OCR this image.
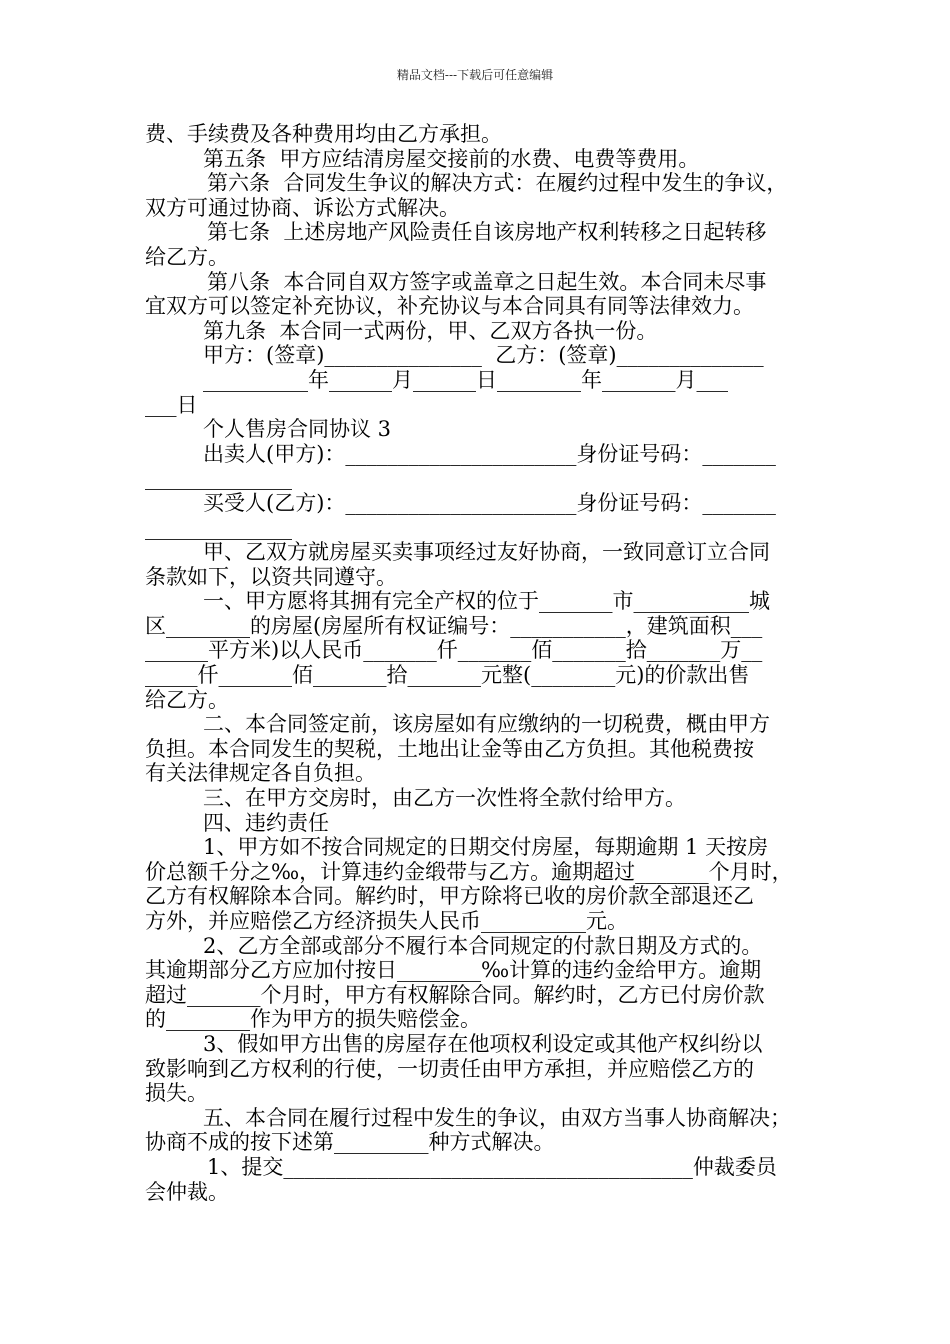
精品文档---下载后可任意编辑
费、手续费及各种费用均由乙方承担。
第五条  甲方应结清房屋交接前的水费、电费等费用。
第六条  合同发生争议的解决方式：在履约过程中发生的争议，
双方可通过协商、诉讼方式解决。
第七条  上述房地产风险责任自该房地产权利转移之日起转移
给乙方。
第八条  本合同自双方签字或盖章之日起生效。本合同未尽事
宜双方可以签定补充协议，补充协议与本合同具有同等法律效力。
第九条  本合同一式两份，甲、乙双方各执一份。
甲方：(签章)_______________  乙方：(签章)______________
__________年______月______日________年_______月___
___日
个人售房合同协议 3
出卖人(甲方)：______________________身份证号码：_______
______________
买受人(乙方)：______________________身份证号码：_______
______________
甲、乙双方就房屋买卖事项经过友好协商，一致同意订立合同
条款如下，以资共同遵守。
一、甲方愿将其拥有完全产权的位于_______市___________城
区________的房屋(房屋所有权证编号：___________，建筑面积___
______平方米)以人民币_______仟_______佰_______拾_______万__
_____仟_______佰_______拾_______元整(________元)的价款出售
给乙方。
二、本合同签定前，该房屋如有应缴纳的一切税费，概由甲方
负担。本合同发生的契税，土地出让金等由乙方负担。其他税费按
有关法律规定各自负担。
三、在甲方交房时，由乙方一次性将全款付给甲方。
四、违约责任
1、甲方如不按合同规定的日期交付房屋，每期逾期 1 天按房
价总额千分之‰，计算违约金缎带与乙方。逾期超过_______个月时，
乙方有权解除本合同。解约时，甲方除将已收的房价款全部退还乙
方外，并应赔偿乙方经济损失人民币__________元。
2、乙方全部或部分不履行本合同规定的付款日期及方式的。
其逾期部分乙方应加付按日________‰计算的违约金给甲方。逾期
超过_______个月时，甲方有权解除合同。解约时，乙方已付房价款
的________作为甲方的损失赔偿金。
3、假如甲方出售的房屋存在他项权利设定或其他产权纠纷以
致影响到乙方权利的行使，一切责任由甲方承担，并应赔偿乙方的
损失。
五、本合同在履行过程中发生的争议，由双方当事人协商解决；
协商不成的按下述第_________种方式解决。
1、提交_______________________________________仲裁委员
会仲裁。
